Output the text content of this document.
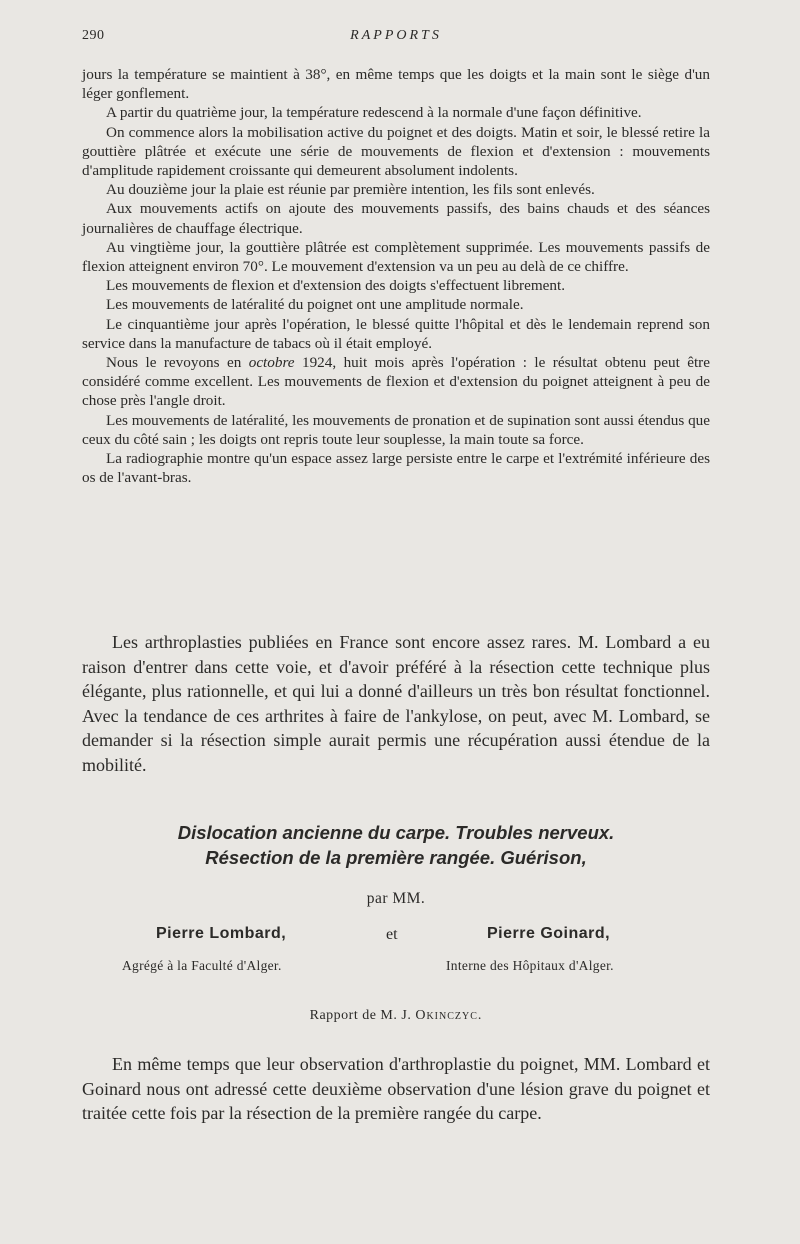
290	RAPPORTS

jours la température se maintient à 38°, en même temps que les doigts et la main sont le siège d'un léger gonflement.

A partir du quatrième jour, la température redescend à la normale d'une façon définitive.

On commence alors la mobilisation active du poignet et des doigts. Matin et soir, le blessé retire la gouttière plâtrée et exécute une série de mouvements de flexion et d'extension : mouvements d'amplitude rapidement croissante qui demeurent absolument indolents.

Au douzième jour la plaie est réunie par première intention, les fils sont enlevés.

Aux mouvements actifs on ajoute des mouvements passifs, des bains chauds et des séances journalières de chauffage électrique.

Au vingtième jour, la gouttière plâtrée est complètement supprimée. Les mouvements passifs de flexion atteignent environ 70°. Le mouvement d'extension va un peu au delà de ce chiffre.

Les mouvements de flexion et d'extension des doigts s'effectuent librement.

Les mouvements de latéralité du poignet ont une amplitude normale.

Le cinquantième jour après l'opération, le blessé quitte l'hôpital et dès le lendemain reprend son service dans la manufacture de tabacs où il était employé.

Nous le revoyons en octobre 1924, huit mois après l'opération : le résultat obtenu peut être considéré comme excellent. Les mouvements de flexion et d'extension du poignet atteignent à peu de chose près l'angle droit.

Les mouvements de latéralité, les mouvements de pronation et de supination sont aussi étendus que ceux du côté sain ; les doigts ont repris toute leur souplesse, la main toute sa force.

La radiographie montre qu'un espace assez large persiste entre le carpe et l'extrémité inférieure des os de l'avant-bras.

Les arthroplasties publiées en France sont encore assez rares. M. Lombard a eu raison d'entrer dans cette voie, et d'avoir préféré à la résection cette technique plus élégante, plus rationnelle, et qui lui a donné d'ailleurs un très bon résultat fonctionnel. Avec la tendance de ces arthrites à faire de l'ankylose, on peut, avec M. Lombard, se demander si la résection simple aurait permis une récupération aussi étendue de la mobilité.

Dislocation ancienne du carpe. Troubles nerveux.
Résection de la première rangée. Guérison,
par MM.
Pierre Lombard,	et	Pierre Goinard,
Agrégé à la Faculté d'Alger.	Interne des Hôpitaux d'Alger.
Rapport de M. J. Okinczyc.

En même temps que leur observation d'arthroplastie du poignet, MM. Lombard et Goinard nous ont adressé cette deuxième observation d'une lésion grave du poignet et traitée cette fois par la résection de la première rangée du carpe.
